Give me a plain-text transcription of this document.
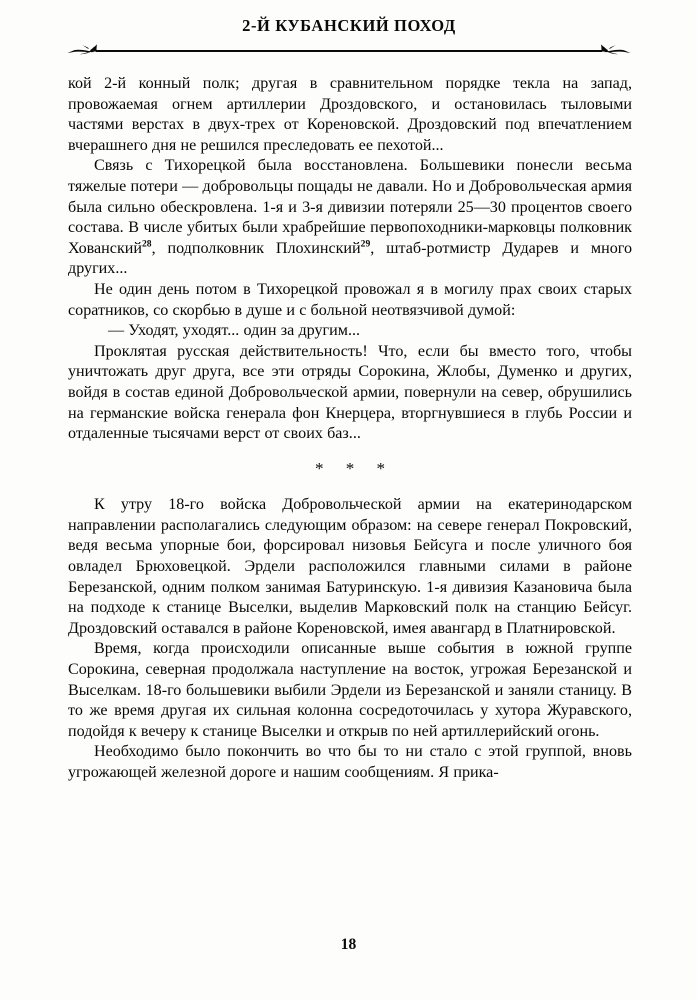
2-Й КУБАНСКИЙ ПОХОД

кой 2-й конный полк; другая в сравнительном порядке текла на запад, провожаемая огнем артиллерии Дроздовского, и остановилась тыловыми частями верстах в двух-трех от Кореновской. Дроздовский под впечатлением вчерашнего дня не решился преследовать ее пехотой...

Связь с Тихорецкой была восстановлена. Большевики понесли весьма тяжелые потери — добровольцы пощады не давали. Но и Добровольческая армия была сильно обескровлена. 1-я и 3-я дивизии потеряли 25—30 процентов своего состава. В числе убитых были храбрейшие первопоходники-марковцы полковник Хованский$^{28}$, подполковник Плохинский$^{29}$, штаб-ротмистр Дударев и много других...

Не один день потом в Тихорецкой провожал я в могилу прах своих старых соратников, со скорбью в душе и с больной неотвязчивой думой:

— Уходят, уходят... один за другим...

Проклятая русская действительность! Что, если бы вместо того, чтобы уничтожать друг друга, все эти отряды Сорокина, Жлобы, Думенко и других, войдя в состав единой Добровольческой армии, повернули на север, обрушились на германские войска генерала фон Кнерцера, вторгнувшиеся в глубь России и отдаленные тысячами верст от своих баз...

* * *

К утру 18-го войска Добровольческой армии на екатеринодарском направлении располагались следующим образом: на севере генерал Покровский, ведя весьма упорные бои, форсировал низовья Бейсуга и после уличного боя овладел Брюховецкой. Эрдели расположился главными силами в районе Березанской, одним полком занимая Батуринскую. 1-я дивизия Казановича была на подходе к станице Выселки, выделив Марковский полк на станцию Бейсуг. Дроздовский оставался в районе Кореновской, имея авангард в Платнировской.

Время, когда происходили описанные выше события в южной группе Сорокина, северная продолжала наступление на восток, угрожая Березанской и Выселкам. 18-го большевики выбили Эрдели из Березанской и заняли станицу. В то же время другая их сильная колонна сосредоточилась у хутора Журавского, подойдя к вечеру к станице Выселки и открыв по ней артиллерийский огонь.

Необходимо было покончить во что бы то ни стало с этой группой, вновь угрожающей железной дороге и нашим сообщениям. Я прика-

18
